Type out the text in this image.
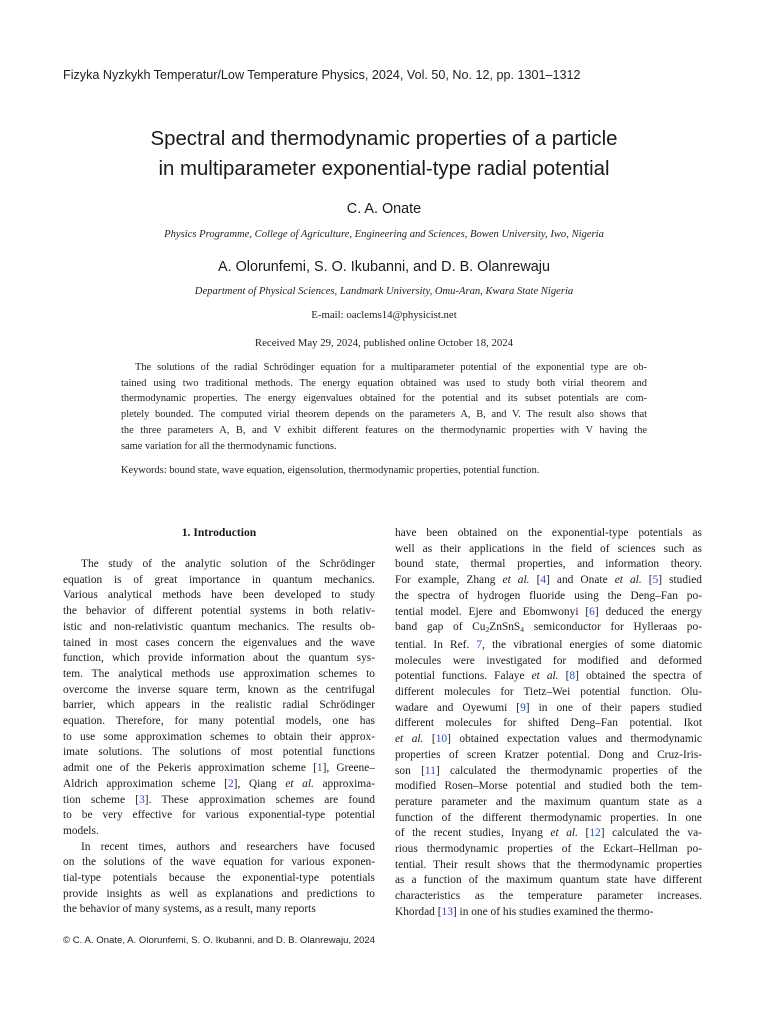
Fizyka Nyzkykh Temperatur/Low Temperature Physics, 2024, Vol. 50, No. 12, pp. 1301–1312
Spectral and thermodynamic properties of a particle
in multiparameter exponential-type radial potential
C. A. Onate
Physics Programme, College of Agriculture, Engineering and Sciences, Bowen University, Iwo, Nigeria
A. Olorunfemi, S. O. Ikubanni, and D. B. Olanrewaju
Department of Physical Sciences, Landmark University, Omu-Aran, Kwara State Nigeria
E-mail: oaclems14@physicist.net
Received May 29, 2024, published online October 18, 2024
The solutions of the radial Schrödinger equation for a multiparameter potential of the exponential type are ob-
tained using two traditional methods. The energy equation obtained was used to study both virial theorem and
thermodynamic properties. The energy eigenvalues obtained for the potential and its subset potentials are com-
pletely bounded. The computed virial theorem depends on the parameters A, B, and V. The result also shows that
the three parameters A, B, and V exhibit different features on the thermodynamic properties with V having the
same variation for all the thermodynamic functions.
Keywords: bound state, wave equation, eigensolution, thermodynamic properties, potential function.
1. Introduction
The study of the analytic solution of the Schrödinger
equation is of great importance in quantum mechanics.
Various analytical methods have been developed to study
the behavior of different potential systems in both relativ-
istic and non-relativistic quantum mechanics. The results ob-
tained in most cases concern the eigenvalues and the wave
function, which provide information about the quantum sys-
tem. The analytical methods use approximation schemes to
overcome the inverse square term, known as the centrifugal
barrier, which appears in the realistic radial Schrödinger
equation. Therefore, for many potential models, one has
to use some approximation schemes to obtain their approx-
imate solutions. The solutions of most potential functions
admit one of the Pekeris approximation scheme [1], Greene–
Aldrich approximation scheme [2], Qiang et al. approxima-
tion scheme [3]. These approximation schemes are found
to be very effective for various exponential-type potential
models.
In recent times, authors and researchers have focused
on the solutions of the wave equation for various exponen-
tial-type potentials because the exponential-type potentials
provide insights as well as explanations and predictions to
the behavior of many systems, as a result, many reports
have been obtained on the exponential-type potentials as
well as their applications in the field of sciences such as
bound state, thermal properties, and information theory.
For example, Zhang et al. [4] and Onate et al. [5] studied
the spectra of hydrogen fluoride using the Deng–Fan po-
tential model. Ejere and Ebomwonyi [6] deduced the energy
band gap of $Cu_2ZnSnS_4$ semiconductor for Hylleraas po-
tential. In Ref. 7, the vibrational energies of some diatomic
molecules were investigated for modified and deformed
potential functions. Falaye et al. [8] obtained the spectra of
different molecules for Tietz–Wei potential function. Olu-
wadare and Oyewumi [9] in one of their papers studied
different molecules for shifted Deng–Fan potential. Ikot
et al. [10] obtained expectation values and thermodynamic
properties of screen Kratzer potential. Dong and Cruz-Iris-
son [11] calculated the thermodynamic properties of the
modified Rosen–Morse potential and studied both the tem-
perature parameter and the maximum quantum state as a
function of the different thermodynamic properties. In one
of the recent studies, Inyang et al. [12] calculated the va-
rious thermodynamic properties of the Eckart–Hellman po-
tential. Their result shows that the thermodynamic properties
as a function of the maximum quantum state have different
characteristics as the temperature parameter increases.
Khordad [13] in one of his studies examined the thermo-
© C. A. Onate, A. Olorunfemi, S. O. Ikubanni, and D. B. Olanrewaju, 2024
